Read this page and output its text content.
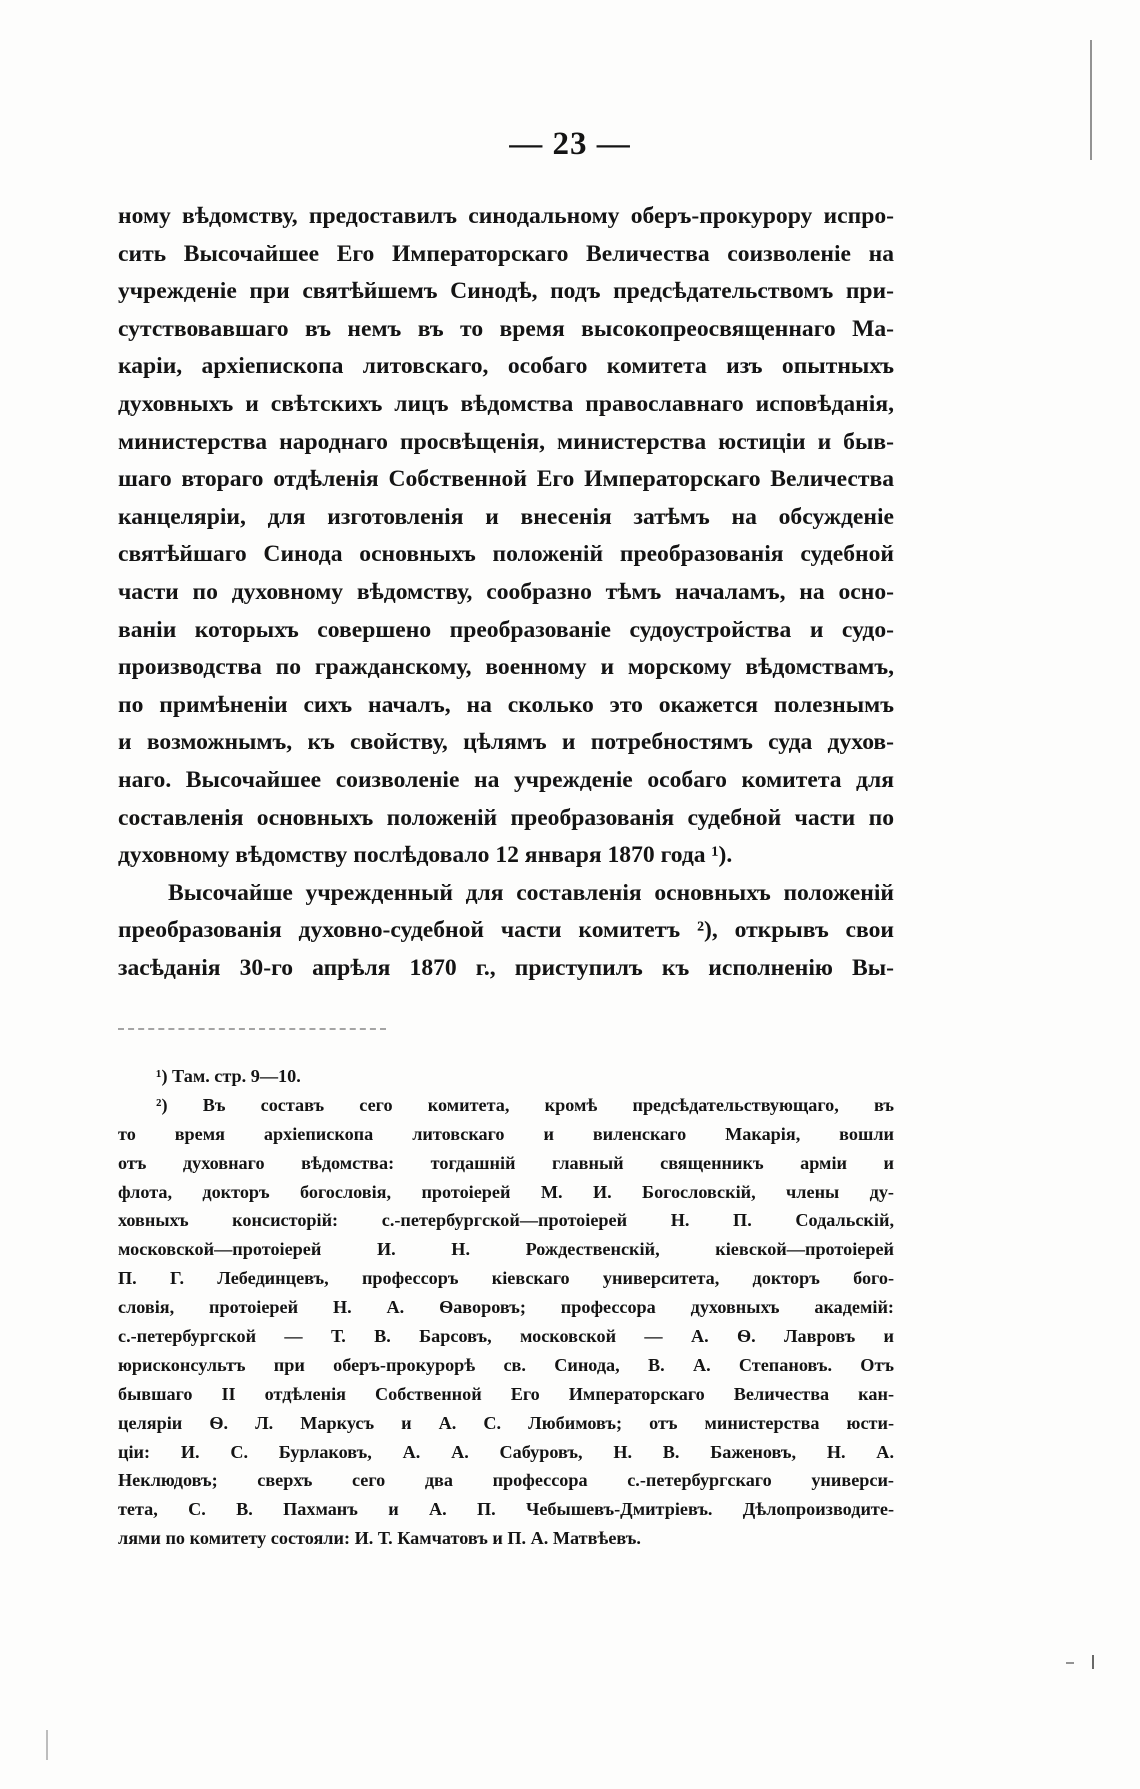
— 23 —
ному вѣдомству, предоставилъ синодальному оберъ-прокурору испро-
сить Высочайшее Его Императорскаго Величества соизволеніе на
учрежденіе при святѣйшемъ Синодѣ, подъ предсѣдательствомъ при-
сутствовавшаго въ немъ въ то время высокопреосвященнаго Ма-
каріи, архіепископа литовскаго, особаго комитета изъ опытныхъ
духовныхъ и свѣтскихъ лицъ вѣдомства православнаго исповѣданія,
министерства народнаго просвѣщенія, министерства юстиціи и быв-
шаго втораго отдѣленія Собственной Его Императорскаго Величества
канцеляріи, для изготовленія и внесенія затѣмъ на обсужденіе
святѣйшаго Синода основныхъ положеній преобразованія судебной
части по духовному вѣдомству, сообразно тѣмъ началамъ, на осно-
ваніи которыхъ совершено преобразованіе судоустройства и судо-
производства по гражданскому, военному и морскому вѣдомствамъ,
по примѣненіи сихъ началъ, на сколько это окажется полезнымъ
и возможнымъ, къ свойству, цѣлямъ и потребностямъ суда духов-
наго. Высочайшее соизволеніе на учрежденіе особаго комитета для
составленія основныхъ положеній преобразованія судебной части по
духовному вѣдомству послѣдовало 12 января 1870 года ¹).
Высочайше учрежденный для составленія основныхъ положеній
преобразованія духовно-судебной части комитетъ ²), открывъ свои
засѣданія 30-го апрѣля 1870 г., приступилъ къ исполненію Вы-
¹) Там. стр. 9—10.
²) Въ составъ сего комитета, кромѣ предсѣдательствующаго, въ
то время архіепископа литовскаго и виленскаго Макарія, вошли
отъ духовнаго вѣдомства: тогдашній главный священникъ арміи и
флота, докторъ богословія, протоіерей М. И. Богословскій, члены ду-
ховныхъ консисторій: с.-петербургской—протоіерей Н. П. Содальскій,
московской—протоіерей И. Н. Рождественскій, кіевской—протоіерей
П. Г. Лебединцевъ, профессоръ кіевскаго университета, докторъ бого-
словія, протоіерей Н. А. Ѳаворовъ; профессора духовныхъ академій:
с.-петербургской — Т. В. Барсовъ, московской — А. Ѳ. Лавровъ и
юрисконсультъ при оберъ-прокурорѣ св. Синода, В. А. Степановъ. Отъ
бывшаго II отдѣленія Собственной Его Императорскаго Величества кан-
целяріи Ѳ. Л. Маркусъ и А. С. Любимовъ; отъ министерства юсти-
ціи: И. С. Бурлаковъ, А. А. Сабуровъ, Н. В. Баженовъ, Н. А.
Неклюдовъ; сверхъ сего два профессора с.-петербургскаго универси-
тета, С. В. Пахманъ и А. П. Чебышевъ-Дмитріевъ. Дѣлопроизводите-
лями по комитету состояли: И. Т. Камчатовъ и П. А. Матвѣевъ.
